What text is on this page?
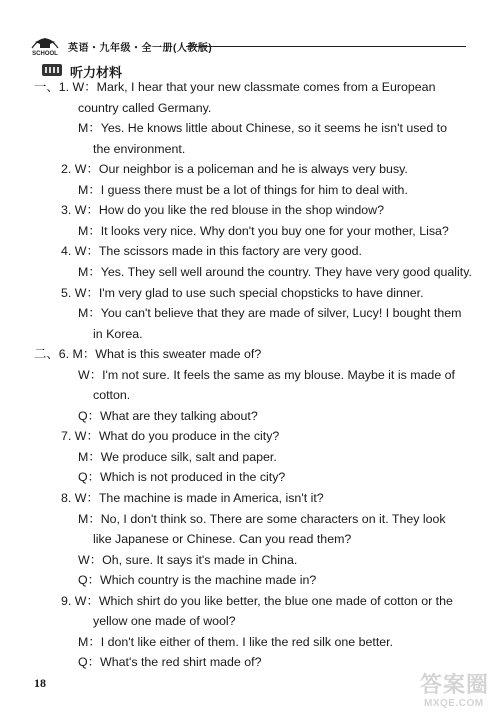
SCHOOL 英语・九年级・全一册(人教版)
听力材料
一、1. W：Mark, I hear that your new classmate comes from a European
country called Germany.
M：Yes. He knows little about Chinese, so it seems he isn't used to
the environment.
2. W：Our neighbor is a policeman and he is always very busy.
M：I guess there must be a lot of things for him to deal with.
3. W：How do you like the red blouse in the shop window?
M：It looks very nice. Why don't you buy one for your mother, Lisa?
4. W：The scissors made in this factory are very good.
M：Yes. They sell well around the country. They have very good quality.
5. W：I'm very glad to use such special chopsticks to have dinner.
M：You can't believe that they are made of silver, Lucy! I bought them
in Korea.
二、6. M：What is this sweater made of?
W：I'm not sure. It feels the same as my blouse. Maybe it is made of
cotton.
Q：What are they talking about?
7. W：What do you produce in the city?
M：We produce silk, salt and paper.
Q：Which is not produced in the city?
8. W：The machine is made in America, isn't it?
M：No, I don't think so. There are some characters on it. They look
like Japanese or Chinese. Can you read them?
W：Oh, sure. It says it's made in China.
Q：Which country is the machine made in?
9. W：Which shirt do you like better, the blue one made of cotton or the
yellow one made of wool?
M：I don't like either of them. I like the red silk one better.
Q：What's the red shirt made of?
18	答案圈
MXQE.COM
